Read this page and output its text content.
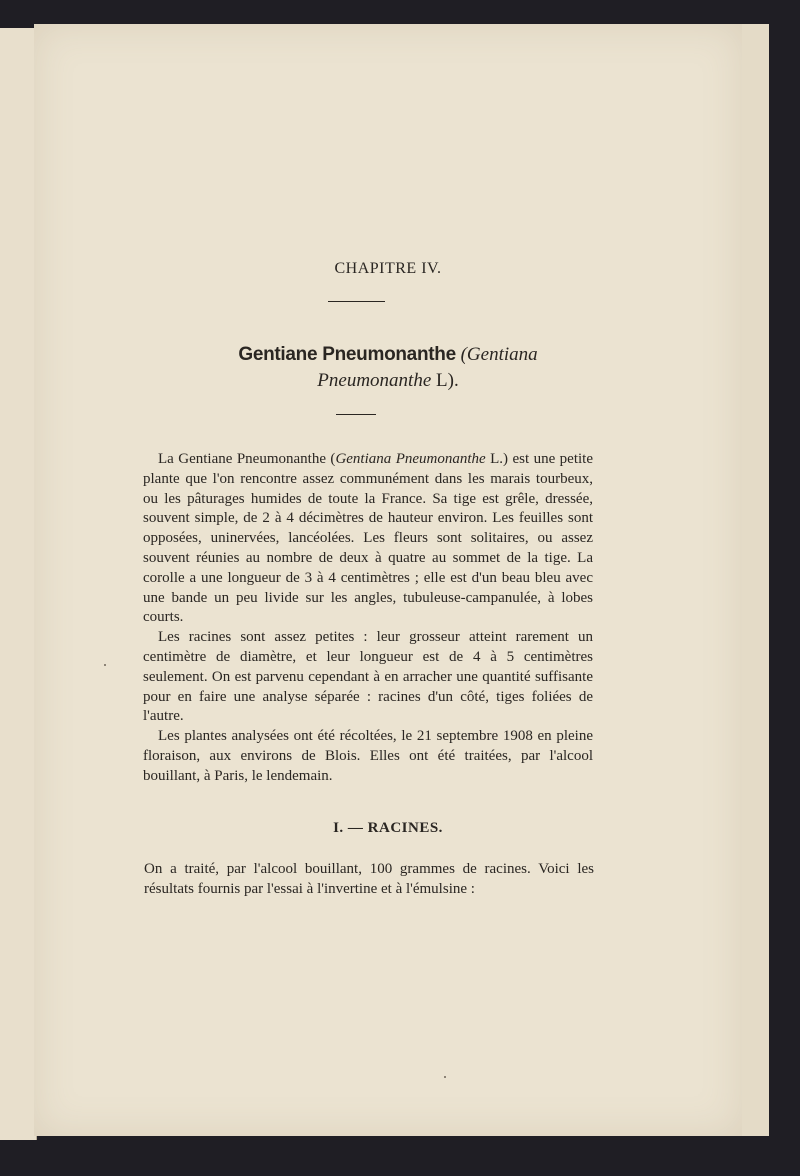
CHAPITRE IV.
Gentiane Pneumonanthe (Gentiana
Pneumonanthe L).

La Gentiane Pneumonanthe (Gentiana Pneumonanthe L.) est une petite plante que l'on rencontre assez communément dans les marais tourbeux, ou les pâturages humides de toute la France. Sa tige est grêle, dressée, souvent simple, de 2 à 4 décimètres de hauteur environ. Les feuilles sont opposées, uninervées, lancéolées. Les fleurs sont solitaires, ou assez souvent réunies au nombre de deux à quatre au sommet de la tige. La corolle a une longueur de 3 à 4 centimètres ; elle est d'un beau bleu avec une bande un peu livide sur les angles, tubuleuse-campanulée, à lobes courts.

Les racines sont assez petites : leur grosseur atteint rarement un centimètre de diamètre, et leur longueur est de 4 à 5 centimètres seulement. On est parvenu cependant à en arracher une quantité suffisante pour en faire une analyse séparée : racines d'un côté, tiges foliées de l'autre.

Les plantes analysées ont été récoltées, le 21 septembre 1908 en pleine floraison, aux environs de Blois. Elles ont été traitées, par l'alcool bouillant, à Paris, le lendemain.

I. — RACINES.

On a traité, par l'alcool bouillant, 100 grammes de racines. Voici les résultats fournis par l'essai à l'invertine et à l'émulsine :
